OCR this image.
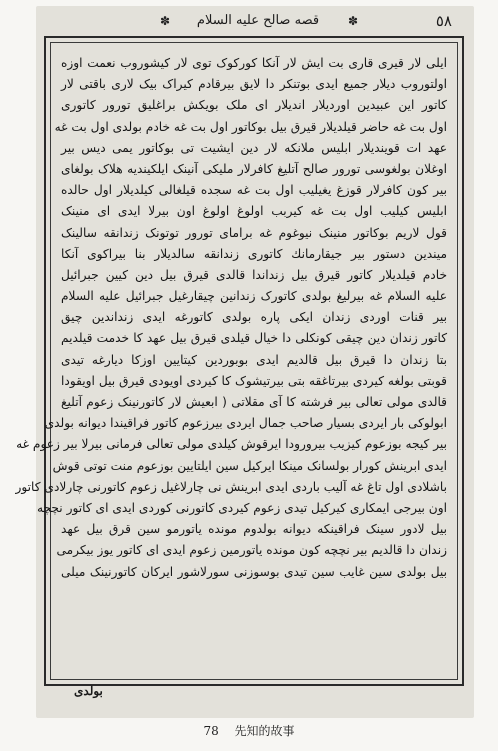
✽	قصه صالح علیه السلام	✽	٥٨
ایلی لار قیری قاری بت ایش لار آنکا کورکوک توی لار کیشوروب نعمت اوزه
اولتوروب دیلار جمیع ایدی بوتنکر دا لایق بیرقادم کیراک بیک لاری باقتی لار
کاتور این عبیدین اوردیلار اندیلار ای ملک بویکش براغلیق تورور کاتوری
اول بت غه حاضر قیلدیلار قیرق بیل بوکاتور اول بت غه خادم بولدی اول بت غه
عهد ات قویندیلار ابلیس ملانکه لار دین ایشیت تی بوکاتور یمی دیس بیر
اوغلان بولغوسی تورور صالح آتلیغ کافرلار ملیکی آنینک ایلکیندیه هلاک بولغای
بیر کون کافرلار قوزغ یغیلیب اول بت غه سجده قیلغالی کیلدیلار اول حالده
ابلیس کیلیب اول بت غه کیربب اولوغ اولوغ اون بیرلا ایدی ای منینک
قول لاریم بوکاتور منینک نیوغوم غه برامای تورور توتونک زندانقه سالینک
ميندين دستور بير جيقارمانك كاتورى زندانقه سالديلار بنا بيراكوى آنكا
خادم قیلدیلار کاتور قیرق بیل زنداندا قالدی قیرق بیل دین کیین جبرائیل
علیه السلام غه بیرلیغ بولدی کاتورک زندانین چیقارغیل جبرائیل علیه السلام
بیر قنات اوردی زندان ایکی پاره بولدی کاتورغه ایدی زنداندین چیق
کاتور زندان دین چیقی کونکلی دا خیال قیلدی قیرق بیل عهد کا خدمت قیلدیم
بتا زندان دا قیرق بیل قالدیم ایدی بوبوردین کیتایین اوزکا دیارغه تیدی
قوبتی بولغه کیردی بیرتاغقه بتی بیرتیشوک کا کیردی اویودی قیرق بیل اویقودا
قالدی مولی تعالی بیر فرشته کا آی مقلاتی ( ابعیش لار کاتورنینک زعوم آتلیغ
ابولوکی بار ایردی بسیار صاحب جمال ایردی بیرزعوم کاتور فراقیندا دیوانه بولدی
بیر کیجه بوزعوم کیزیب بیرورودا ایرقوش کیلدی مولی تعالی فرمانی بیرلا بیر زعوم غه
ایدی ابرینش کورار بولسانک مینکا ایرکیل سین ایلتایین بوزعوم منت توتی قوش
باشلادی اول تاغ غه آلیب باردی ایدی ابرینش نی چارلاغیل زعوم کاتورنی چارلادی کاتور
اون بیرجی ایمکاری کیرکیل تیدی زعوم کیردی کاتورنی کوردی ایدی ای کاتور نچچه
بیل لادور سینک فراقینکه دیوانه بولدوم مونده یاتورمو سین قرق بیل عهد
زندان دا قالدیم بیر نچچه کون مونده یاتورمین زعوم ایدی ای کاتور یوز بیکرمی
بیل بولدی سین غایب سین تیدی بوسوزنی سورلاشور ایرکان کاتورنینک میلی
بولدی
78 先知的故事
